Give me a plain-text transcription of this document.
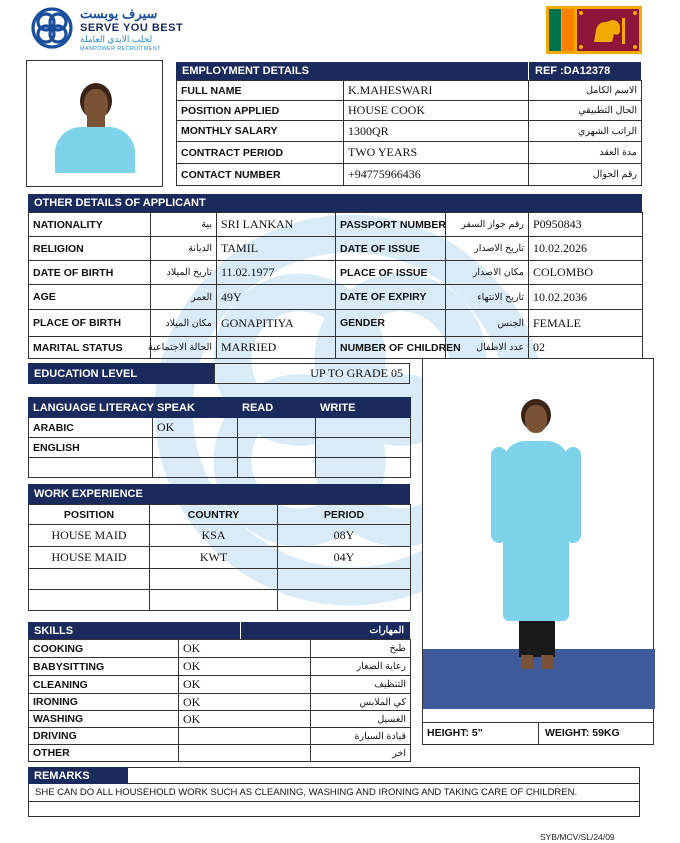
سيرف يوبست
SERVE YOU BEST
لجلب الايدي العاملة
MANPOWER RECRUITMENT
EMPLOYMENT DETAILS	REF :DA12378
FULL NAME	K.MAHESWARI	الاسم الكامل
POSITION APPLIED	HOUSE COOK	الحال التطبيقي
MONTHLY SALARY	1300QR	الراتب الشهري
CONTRACT PERIOD	TWO YEARS	مدة العقد
CONTACT NUMBER	+94775966436	رقم الجوال
OTHER DETAILS OF APPLICANT
NATIONALITY	بية	SRI LANKAN	PASSPORT NUMBER	رقم جواز السفر	P0950843
RELIGION	الديانة	TAMIL	DATE OF ISSUE	تاريخ الاصدار	10.02.2026
DATE OF BIRTH	تاريخ الميلاد	11.02.1977	PLACE OF ISSUE	مكان الاصدار	COLOMBO
AGE	العمر	49Y	DATE OF EXPIRY	تاريخ الانتهاء	10.02.2036
PLACE OF BIRTH	مكان الميلاد	GONAPITIYA	GENDER	الجنس	FEMALE
MARITAL STATUS	الحالة الاجتماعية	MARRIED	NUMBER OF CHILDREN	عدد الاطفال	02
EDUCATION LEVEL	UP TO GRADE 05
LANGUAGE LITERACY	SPEAK	READ	WRITE
ARABIC	OK		
ENGLISH			

WORK EXPERIENCE
POSITION	COUNTRY	PERIOD
HOUSE MAID	KSA	08Y
HOUSE MAID	KWT	04Y

HEIGHT: 5"	WEIGHT: 59KG
SKILLS	المهارات
COOKING	OK	طبخ
BABYSITTING	OK	رعاية الصغار
CLEANING	OK	التنظيف
IRONING	OK	كي الملابس
WASHING	OK	الغسيل
DRIVING		قيادة السيارة
OTHER		اخر
REMARKS
SHE CAN DO ALL HOUSEHOLD WORK SUCH AS CLEANING, WASHING AND IRONING AND TAKING CARE OF CHILDREN.
SYB/MCV/SL/24/09
